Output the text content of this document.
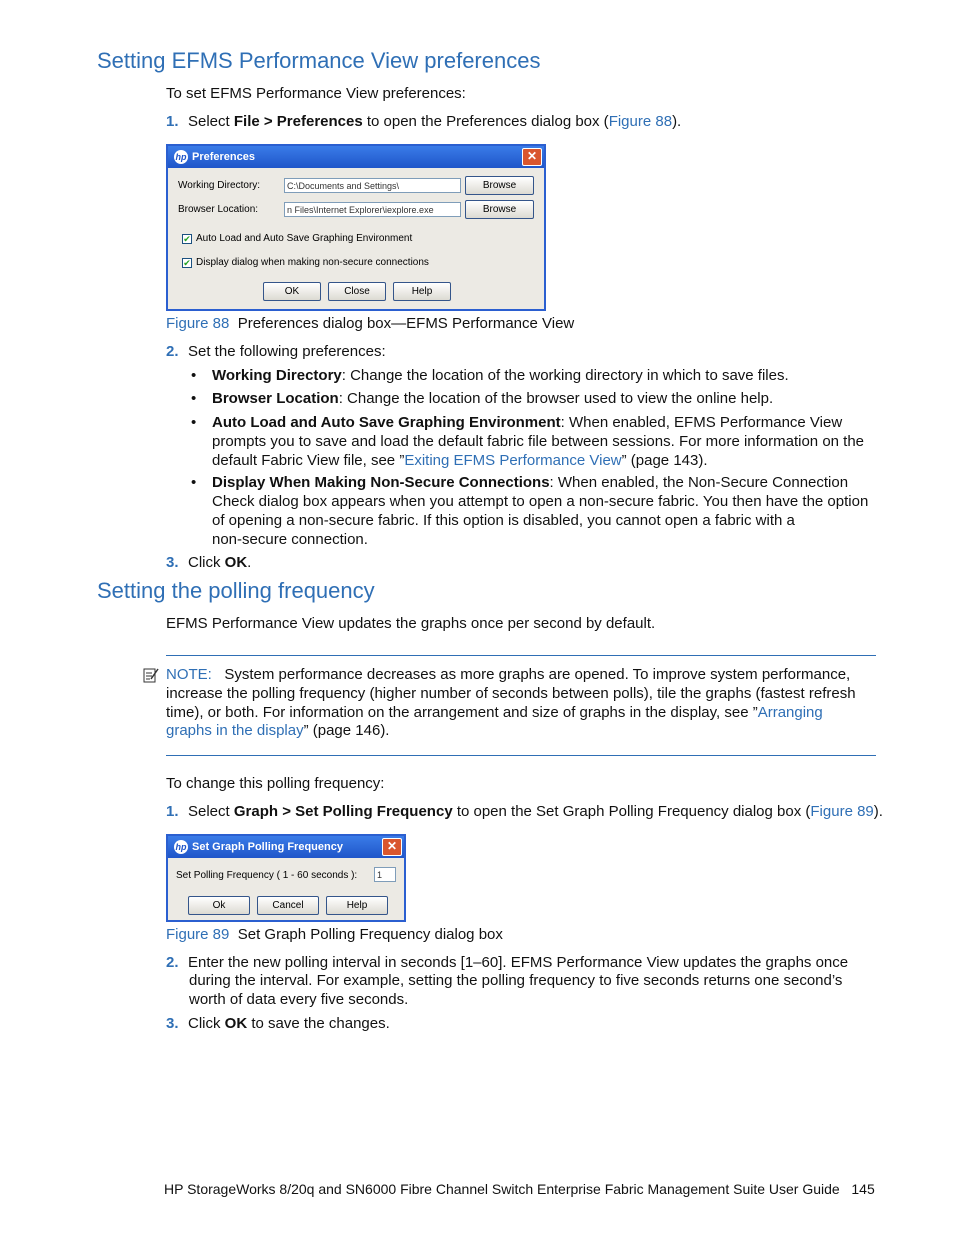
Setting EFMS Performance View preferences
To set EFMS Performance View preferences:
1. Select File > Preferences to open the Preferences dialog box (Figure 88).
hp Preferences	✕
Working Directory:	C:\Documents and Settings\	Browse
Browser Location:	n Files\Internet Explorer\iexplore.exe	Browse
✔ Auto Load and Auto Save Graphing Environment
✔ Display dialog when making non-secure connections
OK	Close	Help
Figure 88 Preferences dialog box—EFMS Performance View
2. Set the following preferences:
• Working Directory: Change the location of the working directory in which to save files.
• Browser Location: Change the location of the browser used to view the online help.
• Auto Load and Auto Save Graphing Environment: When enabled, EFMS Performance View
prompts you to save and load the default fabric file between sessions. For more information on the
default Fabric View file, see ”Exiting EFMS Performance View” (page 143).
• Display When Making Non-Secure Connections: When enabled, the Non-Secure Connection
Check dialog box appears when you attempt to open a non-secure fabric. You then have the option
of opening a non-secure fabric. If this option is disabled, you cannot open a fabric with a
non-secure connection.
3. Click OK.
Setting the polling frequency
EFMS Performance View updates the graphs once per second by default.
NOTE: System performance decreases as more graphs are opened. To improve system performance,
increase the polling frequency (higher number of seconds between polls), tile the graphs (fastest refresh
time), or both. For information on the arrangement and size of graphs in the display, see ”Arranging
graphs in the display” (page 146).
To change this polling frequency:
1. Select Graph > Set Polling Frequency to open the Set Graph Polling Frequency dialog box (Figure 89).
hp Set Graph Polling Frequency	✕
Set Polling Frequency ( 1 - 60 seconds ):	1
Ok	Cancel	Help
Figure 89 Set Graph Polling Frequency dialog box
2. Enter the new polling interval in seconds [1–60]. EFMS Performance View updates the graphs once
during the interval. For example, setting the polling frequency to five seconds returns one second’s
worth of data every five seconds.
3. Click OK to save the changes.
HP StorageWorks 8/20q and SN6000 Fibre Channel Switch Enterprise Fabric Management Suite User Guide 145
